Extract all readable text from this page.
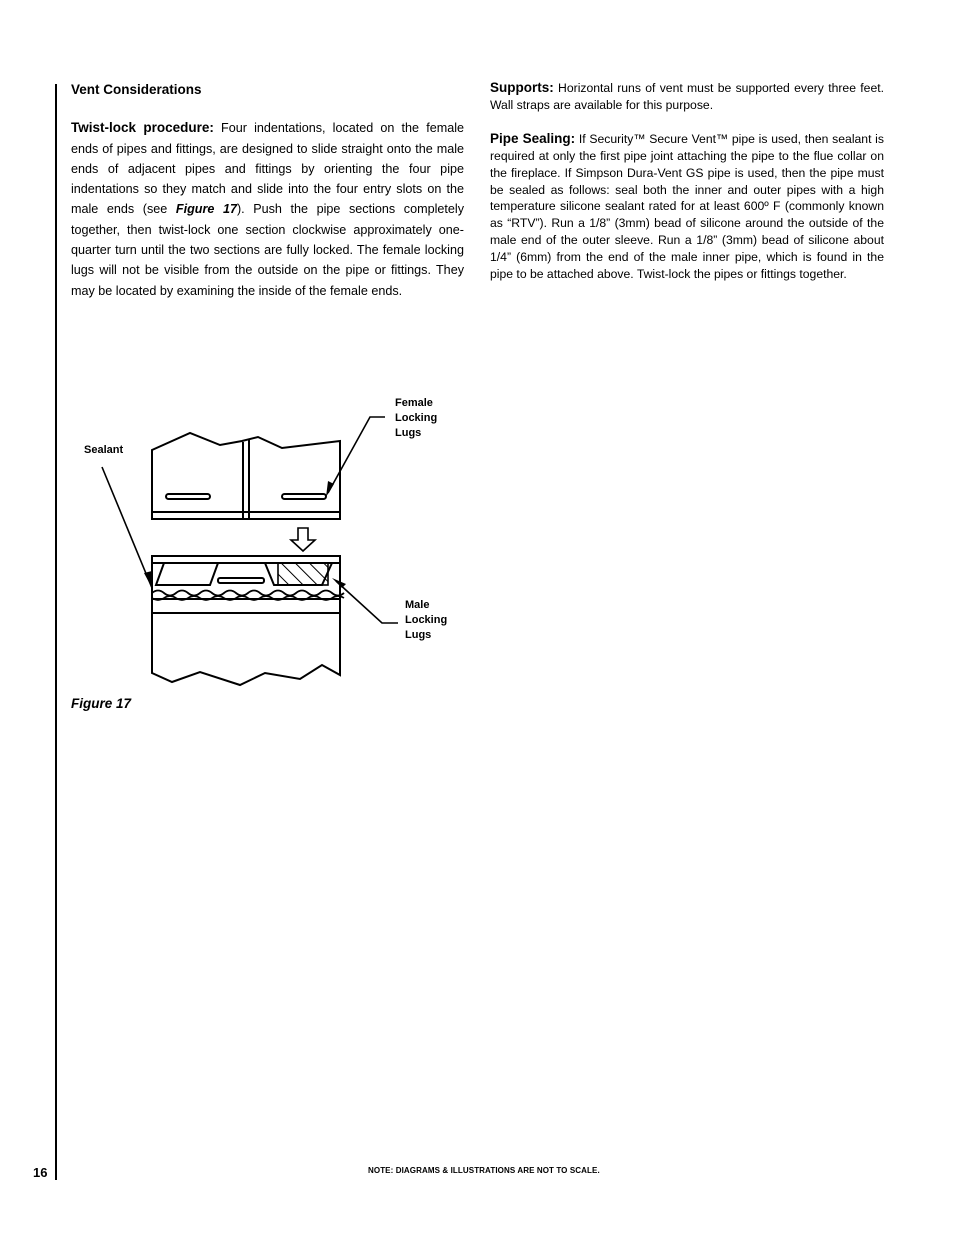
Vent Considerations

Twist-lock procedure: Four indentations, located on the female ends of pipes and fittings, are designed to slide straight onto the male ends of adjacent pipes and fittings by orienting the four pipe indentations so they match and slide into the four entry slots on the male ends (see Figure 17). Push the pipe sections completely together, then twist-lock one section clockwise approximately one-quarter turn until the two sections are fully locked. The female locking lugs will not be visible from the outside on the pipe or fittings. They may be located by examining the inside of the female ends.

Supports: Horizontal runs of vent must be supported every three feet. Wall straps are available for this purpose.

Pipe Sealing: If Security™ Secure Vent™ pipe is used, then sealant is required at only the first pipe joint attaching the pipe to the flue collar on the fireplace. If Simpson Dura-Vent GS pipe is used, then the pipe must be sealed as follows: seal both the inner and outer pipes with a high temperature silicone sealant rated for at least 600º F (commonly known as “RTV”). Run a 1/8” (3mm) bead of silicone around the outside of the male end of the outer sleeve. Run a 1/8” (3mm) bead of silicone about 1/4” (6mm) from the end of the male inner pipe, which is found in the pipe to be attached above. Twist-lock the pipes or fittings together.

Sealant
Female
Locking
Lugs
Male
Locking
Lugs
Figure 17
16	NOTE: DIAGRAMS & ILLUSTRATIONS ARE NOT TO SCALE.
